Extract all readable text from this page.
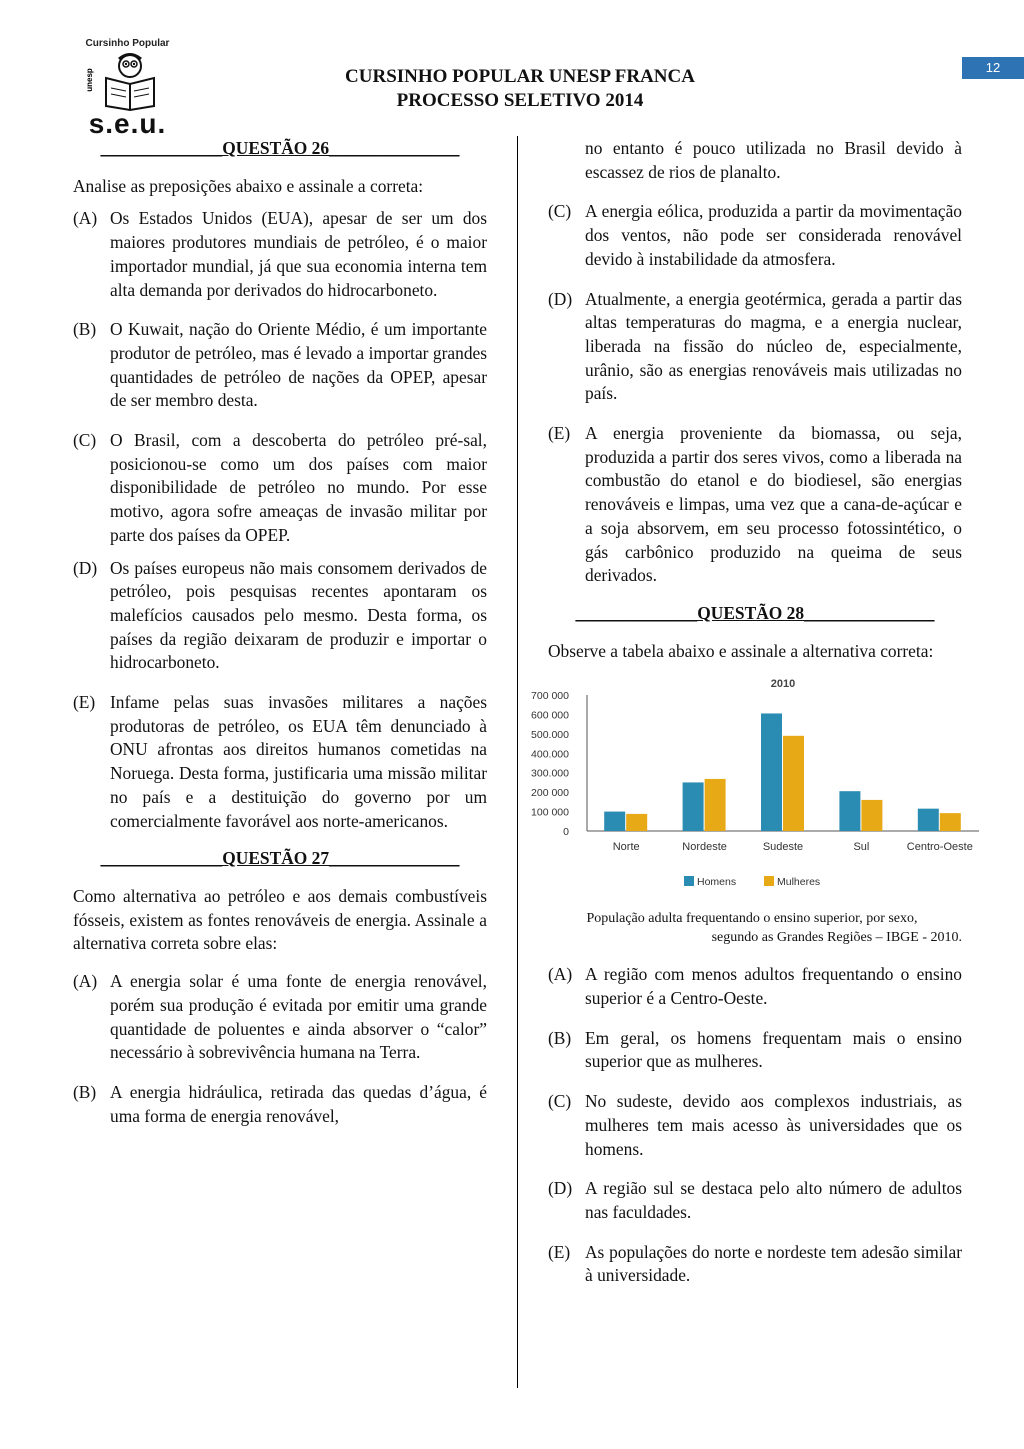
Cursinho Popular
unesp
s.e.u.
CURSINHO POPULAR UNESP FRANCA
PROCESSO SELETIVO 2014
12

______________QUESTÃO 26_______________

Analise as preposições abaixo e assinale a correta:

(A) Os Estados Unidos (EUA), apesar de ser um dos maiores produtores mundiais de petróleo, é o maior importador mundial, já que sua economia interna tem alta demanda por derivados do hidrocarboneto.
(B) O Kuwait, nação do Oriente Médio, é um importante produtor de petróleo, mas é levado a importar grandes quantidades de petróleo de nações da OPEP, apesar de ser membro desta.
(C) O Brasil, com a descoberta do petróleo pré-sal, posicionou-se como um dos países com maior disponibilidade de petróleo no mundo. Por esse motivo, agora sofre ameaças de invasão militar por parte dos países da OPEP.
(D) Os países europeus não mais consomem derivados de petróleo, pois pesquisas recentes apontaram os malefícios causados pelo mesmo. Desta forma, os países da região deixaram de produzir e importar o hidrocarboneto.
(E) Infame pelas suas invasões militares a nações produtoras de petróleo, os EUA têm denunciado à ONU afrontas aos direitos humanos cometidas na Noruega. Desta forma, justificaria uma missão militar no país e a destituição do governo por um comercialmente favorável aos norte-americanos.

______________QUESTÃO 27_______________

Como alternativa ao petróleo e aos demais combustíveis fósseis, existem as fontes renováveis de energia. Assinale a alternativa correta sobre elas:

(A) A energia solar é uma fonte de energia renovável, porém sua produção é evitada por emitir uma grande quantidade de poluentes e ainda absorver o “calor” necessário à sobrevivência humana na Terra.
(B) A energia hidráulica, retirada das quedas d’água, é uma forma de energia renovável,
no entanto é pouco utilizada no Brasil devido à escassez de rios de planalto.
(C) A energia eólica, produzida a partir da movimentação dos ventos, não pode ser considerada renovável devido à instabilidade da atmosfera.
(D) Atualmente, a energia geotérmica, gerada a partir das altas temperaturas do magma, e a energia nuclear, liberada na fissão do núcleo de, especialmente, urânio, são as energias renováveis mais utilizadas no país.
(E) A energia proveniente da biomassa, ou seja, produzida a partir dos seres vivos, como a liberada na combustão do etanol e do biodiesel, são energias renováveis e limpas, uma vez que a cana-de-açúcar e a soja absorvem, em seu processo fotossintético, o gás carbônico produzido na queima de seus derivados.

______________QUESTÃO 28_______________

Observe a tabela abaixo e assinale a alternativa correta:

2010
0
100 000
200 000
300.000
400.000
500.000
600 000
700 000
Norte	Nordeste	Sudeste	Sul	Centro-Oeste
Homens	Mulheres
População adulta frequentando o ensino superior, por sexo,
segundo as Grandes Regiões – IBGE - 2010.
(A) A região com menos adultos frequentando o ensino superior é a Centro-Oeste.
(B) Em geral, os homens frequentam mais o ensino superior que as mulheres.
(C) No sudeste, devido aos complexos industriais, as mulheres tem mais acesso às universidades que os homens.
(D) A região sul se destaca pelo alto número de adultos nas faculdades.
(E) As populações do norte e nordeste tem adesão similar à universidade.
